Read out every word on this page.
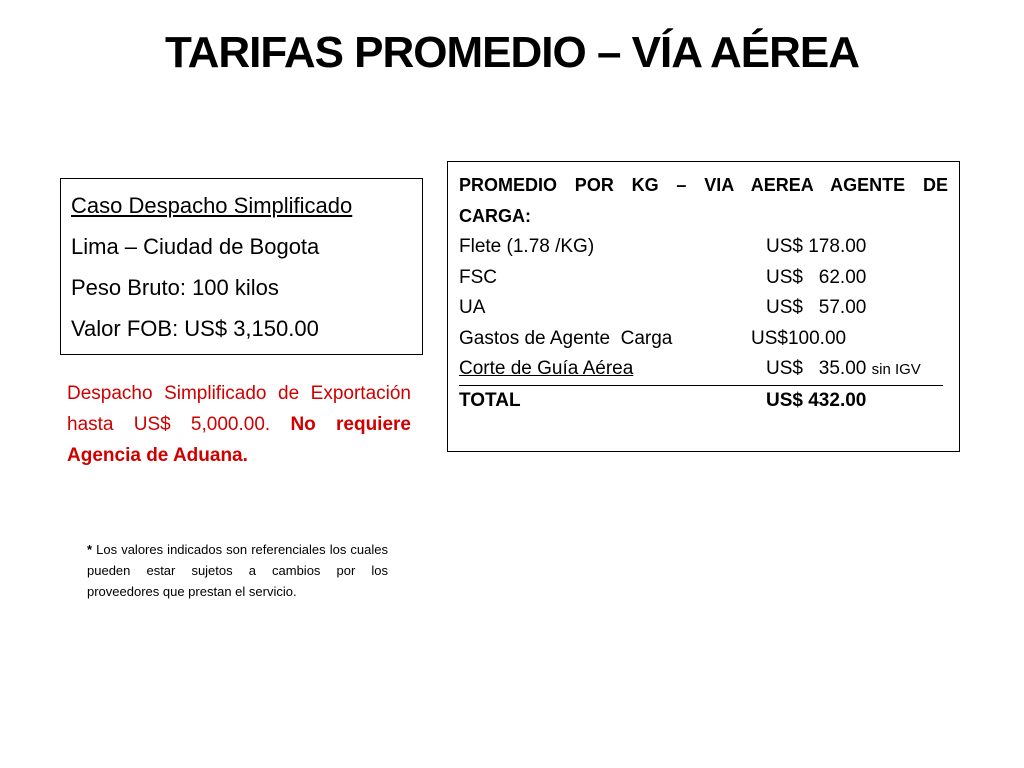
TARIFAS PROMEDIO – VÍA AÉREA
Caso Despacho Simplificado
Lima – Ciudad de Bogota
Peso Bruto: 100 kilos
Valor FOB: US$ 3,150.00
Despacho Simplificado de Exportación hasta US$ 5,000.00. No requiere Agencia de Aduana.
PROMEDIO POR KG – VIA AEREA AGENTE DE CARGA:
Flete (1.78 /KG)	US$ 178.00
FSC	US$   62.00
UA	US$   57.00
Gastos de Agente  Carga	US$100.00
Corte de Guía Aérea	US$   35.00 sin IGV
TOTAL	US$ 432.00
* Los valores indicados son referenciales los cuales pueden estar sujetos a cambios por los proveedores que prestan el servicio.
